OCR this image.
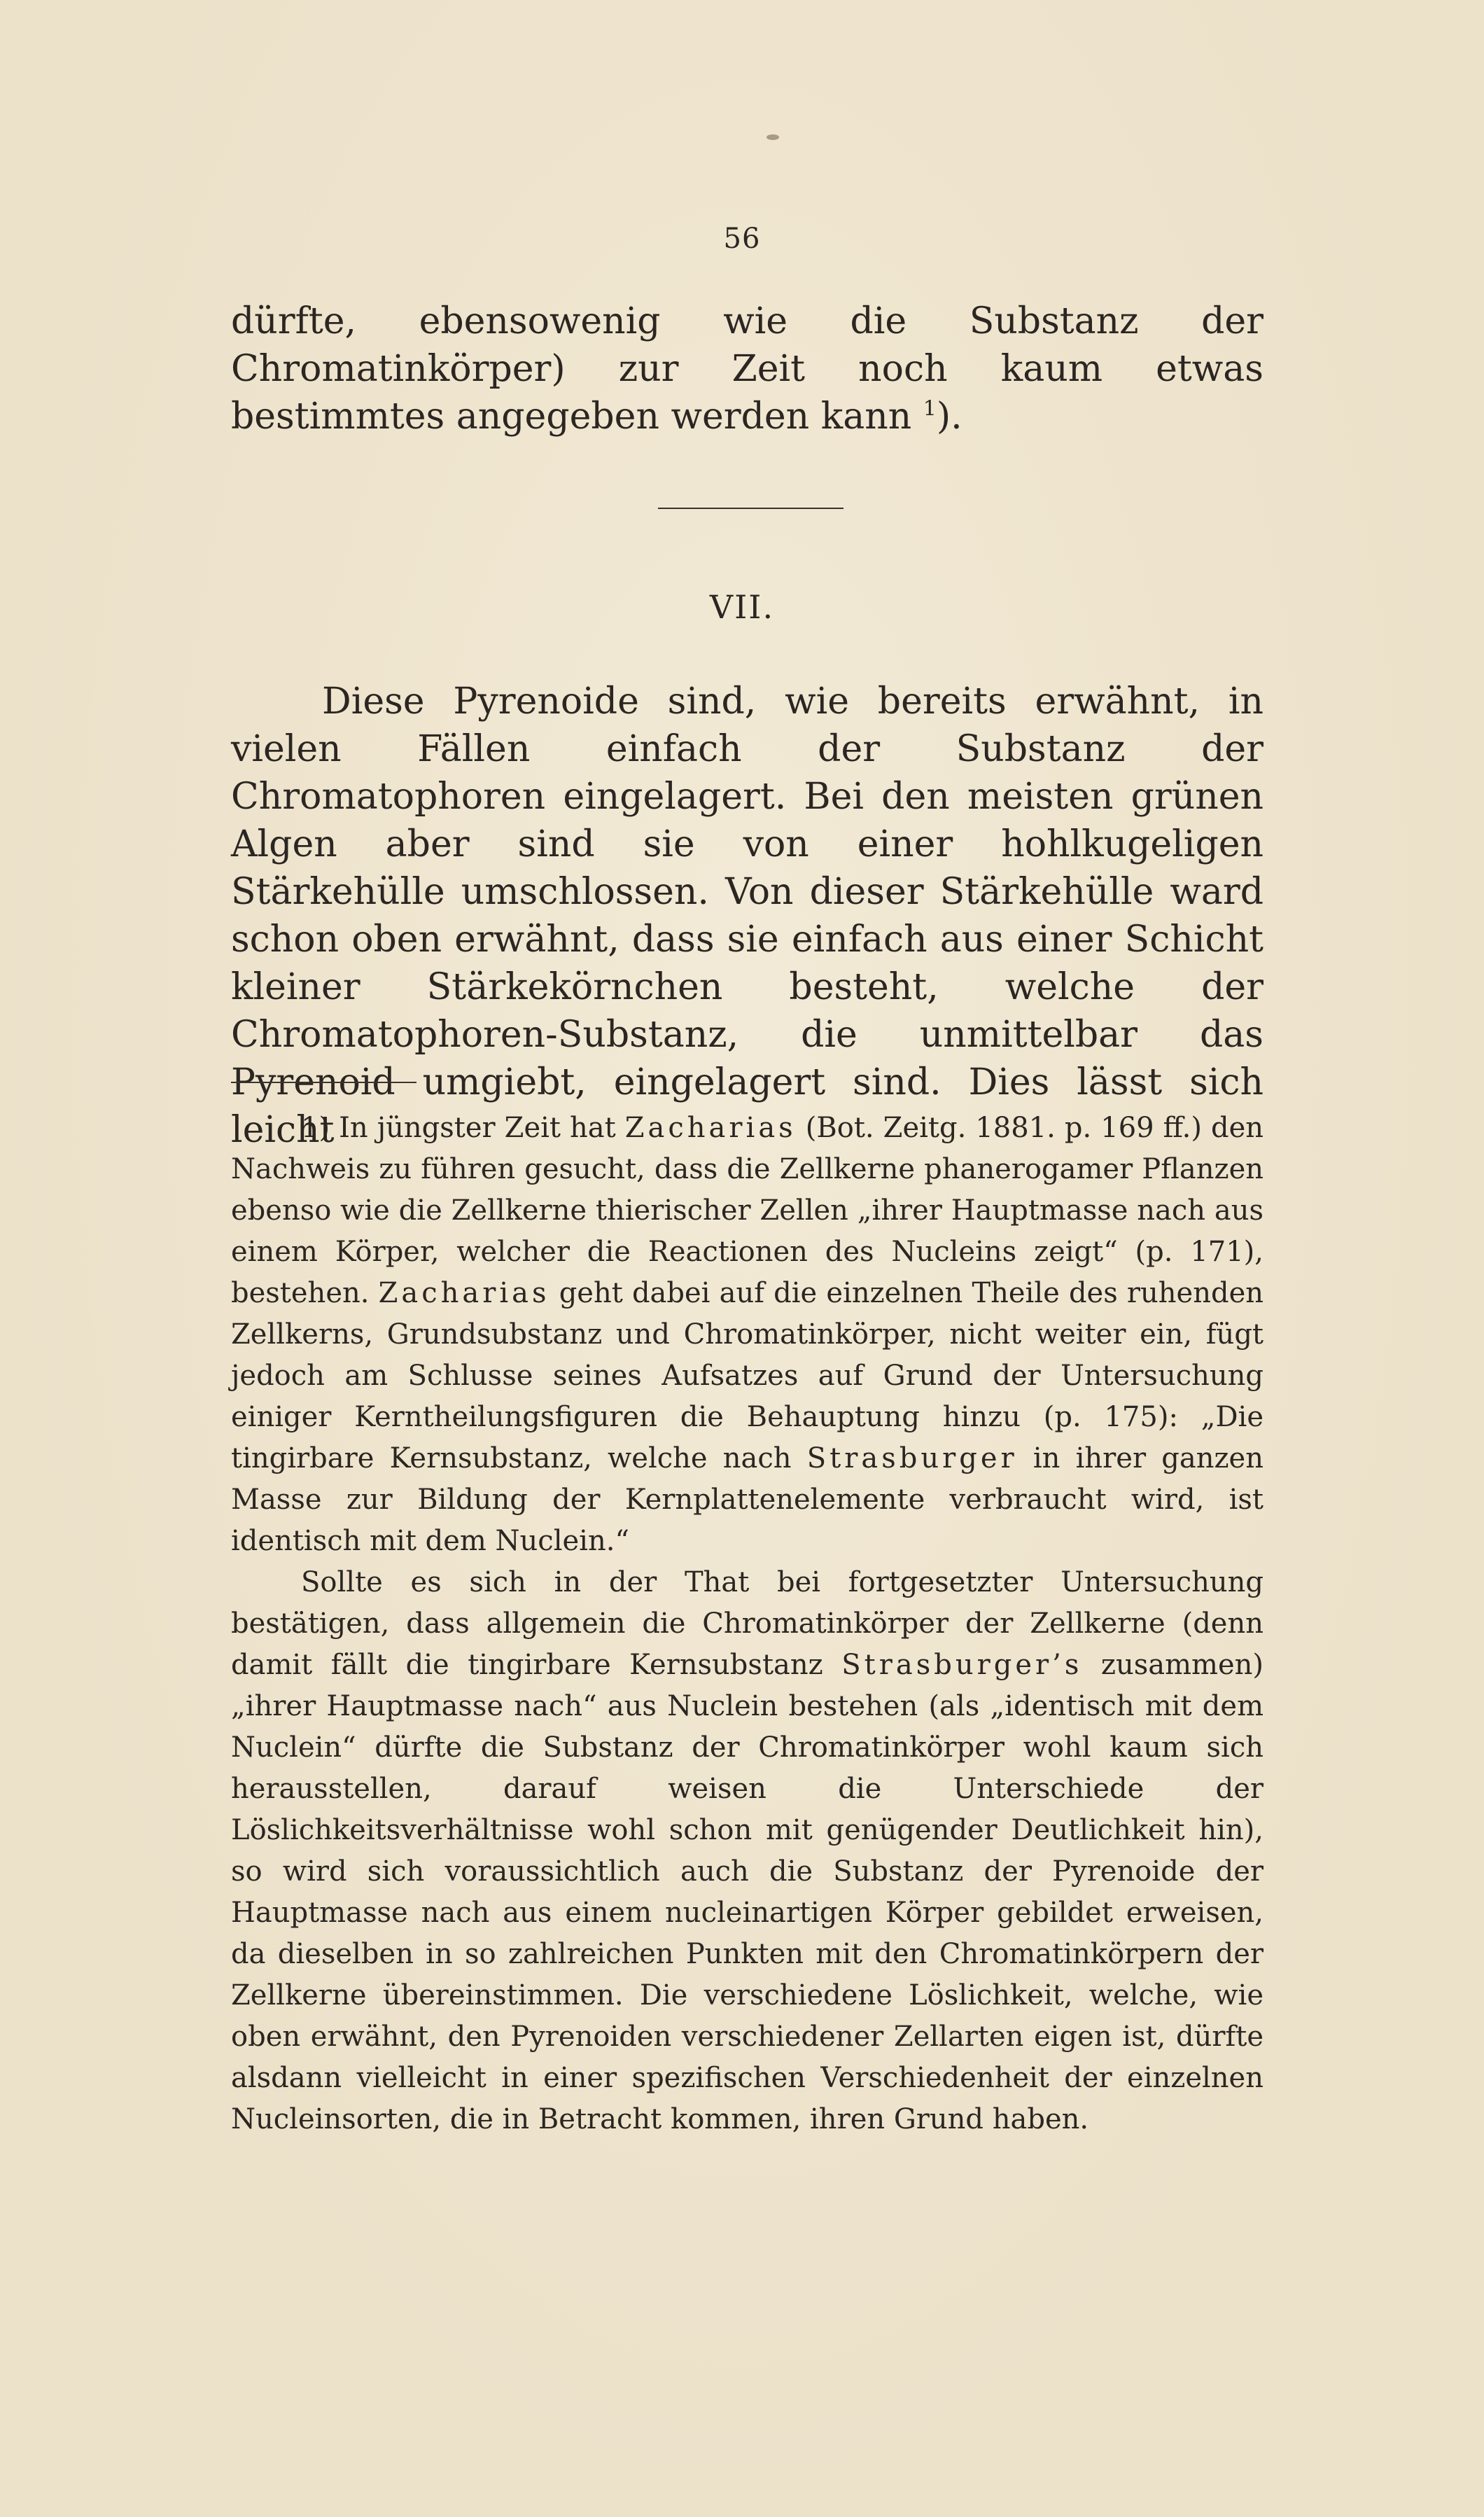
56

dürfte, ebensowenig wie die Substanz der Chromatinkörper) zur Zeit noch kaum etwas bestimmtes angegeben werden kann $^1$).

VII.

Diese Pyrenoide sind, wie bereits erwähnt, in vielen Fällen einfach der Substanz der Chromatophoren eingelagert. Bei den meisten grünen Algen aber sind sie von einer hohlkugeligen Stärkehülle umschlossen. Von dieser Stärkehülle ward schon oben erwähnt, dass sie einfach aus einer Schicht kleiner Stärkekörnchen besteht, welche der Chromatophoren-Substanz, die unmittelbar das Pyrenoid umgiebt, eingelagert sind. Dies lässt sich leicht

1) In jüngster Zeit hat Zacharias (Bot. Zeitg. 1881. p. 169 ff.) den Nachweis zu führen gesucht, dass die Zellkerne phanerogamer Pflanzen ebenso wie die Zellkerne thierischer Zellen „ihrer Hauptmasse nach aus einem Körper, welcher die Reactionen des Nucleins zeigt“ (p. 171), bestehen. Zacharias geht dabei auf die einzelnen Theile des ruhenden Zellkerns, Grundsubstanz und Chromatinkörper, nicht weiter ein, fügt jedoch am Schlusse seines Aufsatzes auf Grund der Untersuchung einiger Kerntheilungsfiguren die Behauptung hinzu (p. 175): „Die tingirbare Kernsubstanz, welche nach Strasburger in ihrer ganzen Masse zur Bildung der Kernplattenelemente verbraucht wird, ist identisch mit dem Nuclein.“

Sollte es sich in der That bei fortgesetzter Untersuchung bestätigen, dass allgemein die Chromatinkörper der Zellkerne (denn damit fällt die tingirbare Kernsubstanz Strasburger’s zusammen) „ihrer Hauptmasse nach“ aus Nuclein bestehen (als „identisch mit dem Nuclein“ dürfte die Substanz der Chromatinkörper wohl kaum sich herausstellen, darauf weisen die Unterschiede der Löslichkeitsverhältnisse wohl schon mit genügender Deutlichkeit hin), so wird sich voraussichtlich auch die Substanz der Pyrenoide der Hauptmasse nach aus einem nucleinartigen Körper gebildet erweisen, da dieselben in so zahlreichen Punkten mit den Chromatinkörpern der Zellkerne übereinstimmen. Die verschiedene Löslichkeit, welche, wie oben erwähnt, den Pyrenoiden verschiedener Zellarten eigen ist, dürfte alsdann vielleicht in einer spezifischen Verschiedenheit der einzelnen Nucleinsorten, die in Betracht kommen, ihren Grund haben.
